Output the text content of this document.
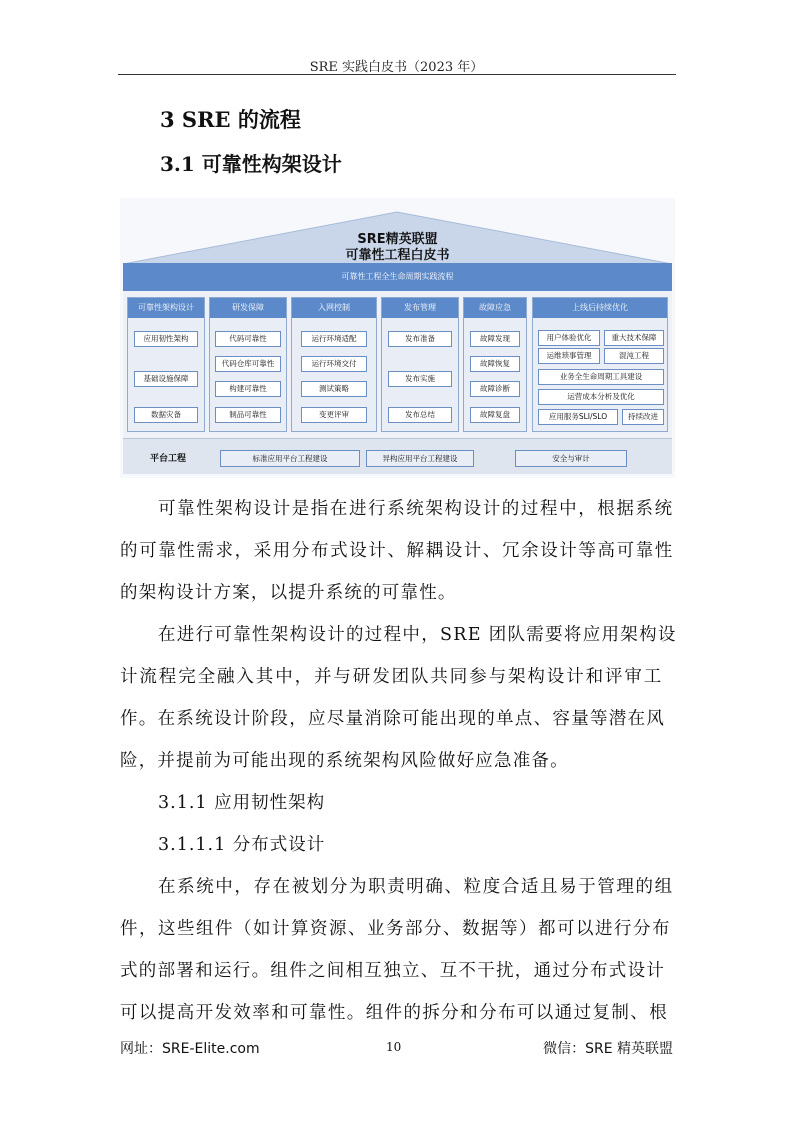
SRE 实践白皮书（2023 年）
3 SRE 的流程
3.1 可靠性构架设计
SRE精英联盟
可靠性工程白皮书
可靠性工程全生命周期实践流程
可靠性架构设计
应用韧性架构
基础设施保障
数据灾备
研发保障
代码可靠性
代码仓库可靠性
构建可靠性
制品可靠性
入网控制
运行环境适配
运行环境交付
测试策略
变更评审
发布管理
发布准备
发布实施
发布总结
故障应急
故障发现
故障恢复
故障诊断
故障复盘
上线后持续优化
用户体验优化	重大技术保障
运维琐事管理	混沌工程
业务全生命周期工具建设
运营成本分析及优化
应用服务SLI/SLO	持续改进
平台工程	标准应用平台工程建设	异构应用平台工程建设	安全与审计
可靠性架构设计是指在进行系统架构设计的过程中，根据系统
的可靠性需求，采用分布式设计、解耦设计、冗余设计等高可靠性
的架构设计方案，以提升系统的可靠性。
在进行可靠性架构设计的过程中，SRE 团队需要将应用架构设
计流程完全融入其中，并与研发团队共同参与架构设计和评审工
作。在系统设计阶段，应尽量消除可能出现的单点、容量等潜在风
险，并提前为可能出现的系统架构风险做好应急准备。
3.1.1 应用韧性架构
3.1.1.1 分布式设计
在系统中，存在被划分为职责明确、粒度合适且易于管理的组
件，这些组件（如计算资源、业务部分、数据等）都可以进行分布
式的部署和运行。组件之间相互独立、互不干扰，通过分布式设计
可以提高开发效率和可靠性。组件的拆分和分布可以通过复制、根
网址：SRE-Elite.com	10	微信：SRE 精英联盟
